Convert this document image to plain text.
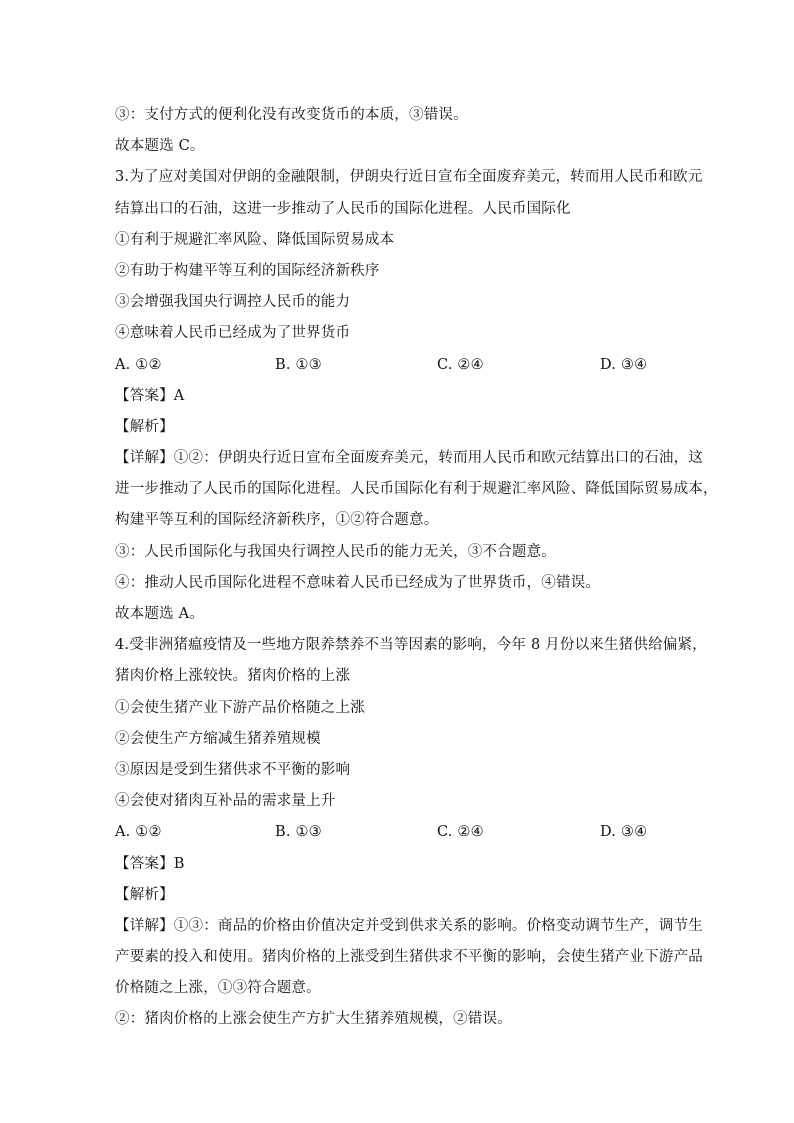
③：支付方式的便利化没有改变货币的本质，③错误。
故本题选 C。
3.为了应对美国对伊朗的金融限制，伊朗央行近日宣布全面废弃美元，转而用人民币和欧元
结算出口的石油，这进一步推动了人民币的国际化进程。人民币国际化
①有利于规避汇率风险、降低国际贸易成本
②有助于构建平等互利的国际经济新秩序
③会增强我国央行调控人民币的能力
④意味着人民币已经成为了世界货币
A. ①②	B. ①③	C. ②④	D. ③④
【答案】A
【解析】
【详解】①②：伊朗央行近日宣布全面废弃美元，转而用人民币和欧元结算出口的石油，这
进一步推动了人民币的国际化进程。人民币国际化有利于规避汇率风险、降低国际贸易成本，
构建平等互利的国际经济新秩序，①②符合题意。
③：人民币国际化与我国央行调控人民币的能力无关，③不合题意。
④：推动人民币国际化进程不意味着人民币已经成为了世界货币，④错误。
故本题选 A。
4.受非洲猪瘟疫情及一些地方限养禁养不当等因素的影响，今年 8 月份以来生猪供给偏紧，
猪肉价格上涨较快。猪肉价格的上涨
①会使生猪产业下游产品价格随之上涨
②会使生产方缩减生猪养殖规模
③原因是受到生猪供求不平衡的影响
④会使对猪肉互补品的需求量上升
A. ①②	B. ①③	C. ②④	D. ③④
【答案】B
【解析】
【详解】①③：商品的价格由价值决定并受到供求关系的影响。价格变动调节生产，调节生
产要素的投入和使用。猪肉价格的上涨受到生猪供求不平衡的影响，会使生猪产业下游产品
价格随之上涨，①③符合题意。
②：猪肉价格的上涨会使生产方扩大生猪养殖规模，②错误。
